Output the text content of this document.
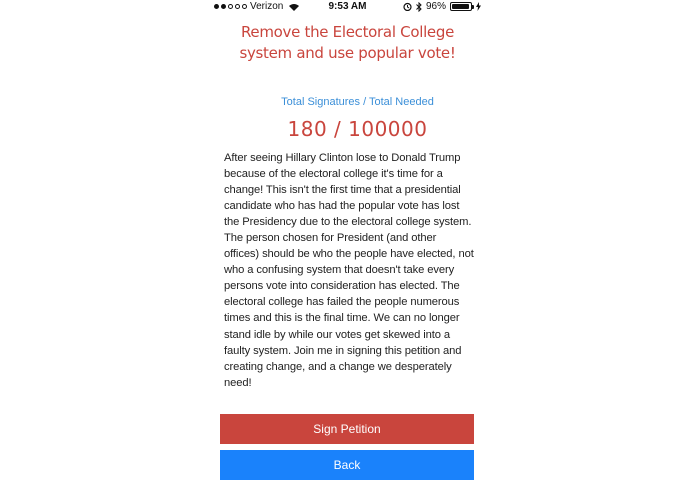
Verizon	9:53 AM	96%
Remove the Electoral College system and use popular vote!
Total Signatures / Total Needed
180 / 100000

After seeing Hillary Clinton lose to Donald Trump because of the electoral college it's time for a change! This isn't the first time that a presidential candidate who has had the popular vote has lost the Presidency due to the electoral college system. The person chosen for President (and other offices) should be who the people have elected, not who a confusing system that doesn't take every persons vote into consideration has elected. The electoral college has failed the people numerous times and this is the final time. We can no longer stand idle by while our votes get skewed into a faulty system. Join me in signing this petition and creating change, and a change we desperately need!

Sign Petition
Back
